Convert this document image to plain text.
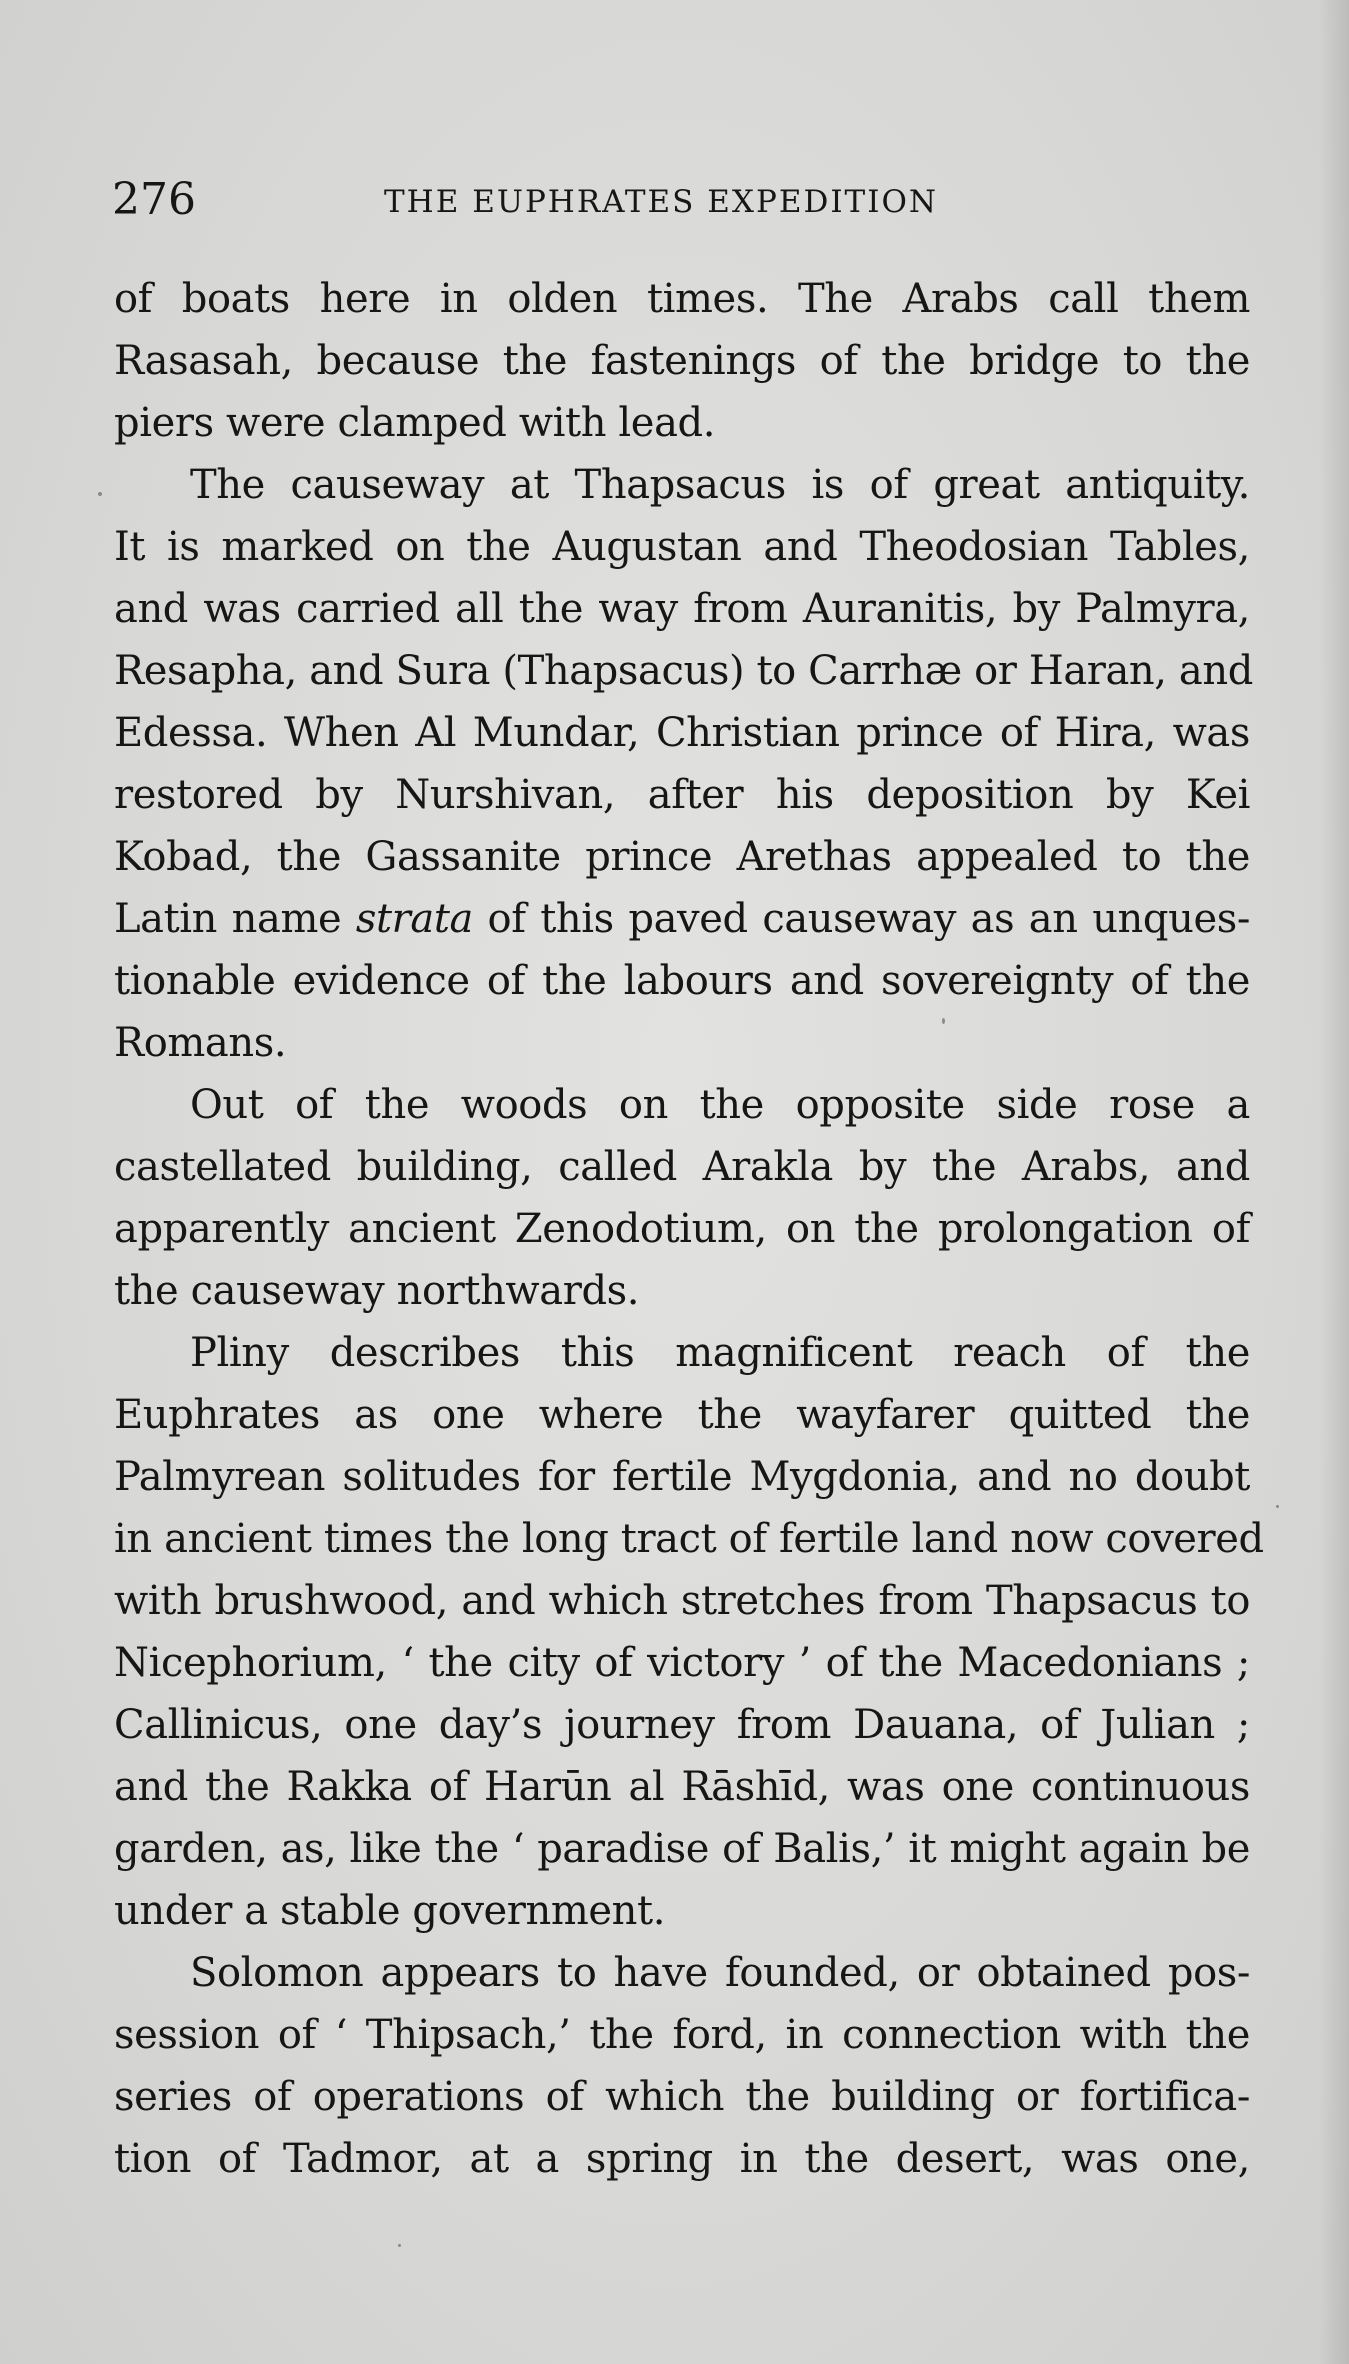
276	THE EUPHRATES EXPEDITION
of boats here in olden times. The Arabs call them
Rasasah, because the fastenings of the bridge to the
piers were clamped with lead.
The causeway at Thapsacus is of great antiquity.
It is marked on the Augustan and Theodosian Tables,
and was carried all the way from Auranitis, by Palmyra,
Resapha, and Sura (Thapsacus) to Carrhæ or Haran, and
Edessa. When Al Mundar, Christian prince of Hira, was
restored by Nurshivan, after his deposition by Kei
Kobad, the Gassanite prince Arethas appealed to the
Latin name strata of this paved causeway as an unques-
tionable evidence of the labours and sovereignty of the
Romans.
Out of the woods on the opposite side rose a
castellated building, called Arakla by the Arabs, and
apparently ancient Zenodotium, on the prolongation of
the causeway northwards.
Pliny describes this magnificent reach of the
Euphrates as one where the wayfarer quitted the
Palmyrean solitudes for fertile Mygdonia, and no doubt
in ancient times the long tract of fertile land now covered
with brushwood, and which stretches from Thapsacus to
Nicephorium, ‘ the city of victory ’ of the Macedonians ;
Callinicus, one day’s journey from Dauana, of Julian ;
and the Rakka of Harūn al Rāshīd, was one continuous
garden, as, like the ‘ paradise of Balis,’ it might again be
under a stable government.
Solomon appears to have founded, or obtained pos-
session of ‘ Thipsach,’ the ford, in connection with the
series of operations of which the building or fortifica-
tion of Tadmor, at a spring in the desert, was one,
